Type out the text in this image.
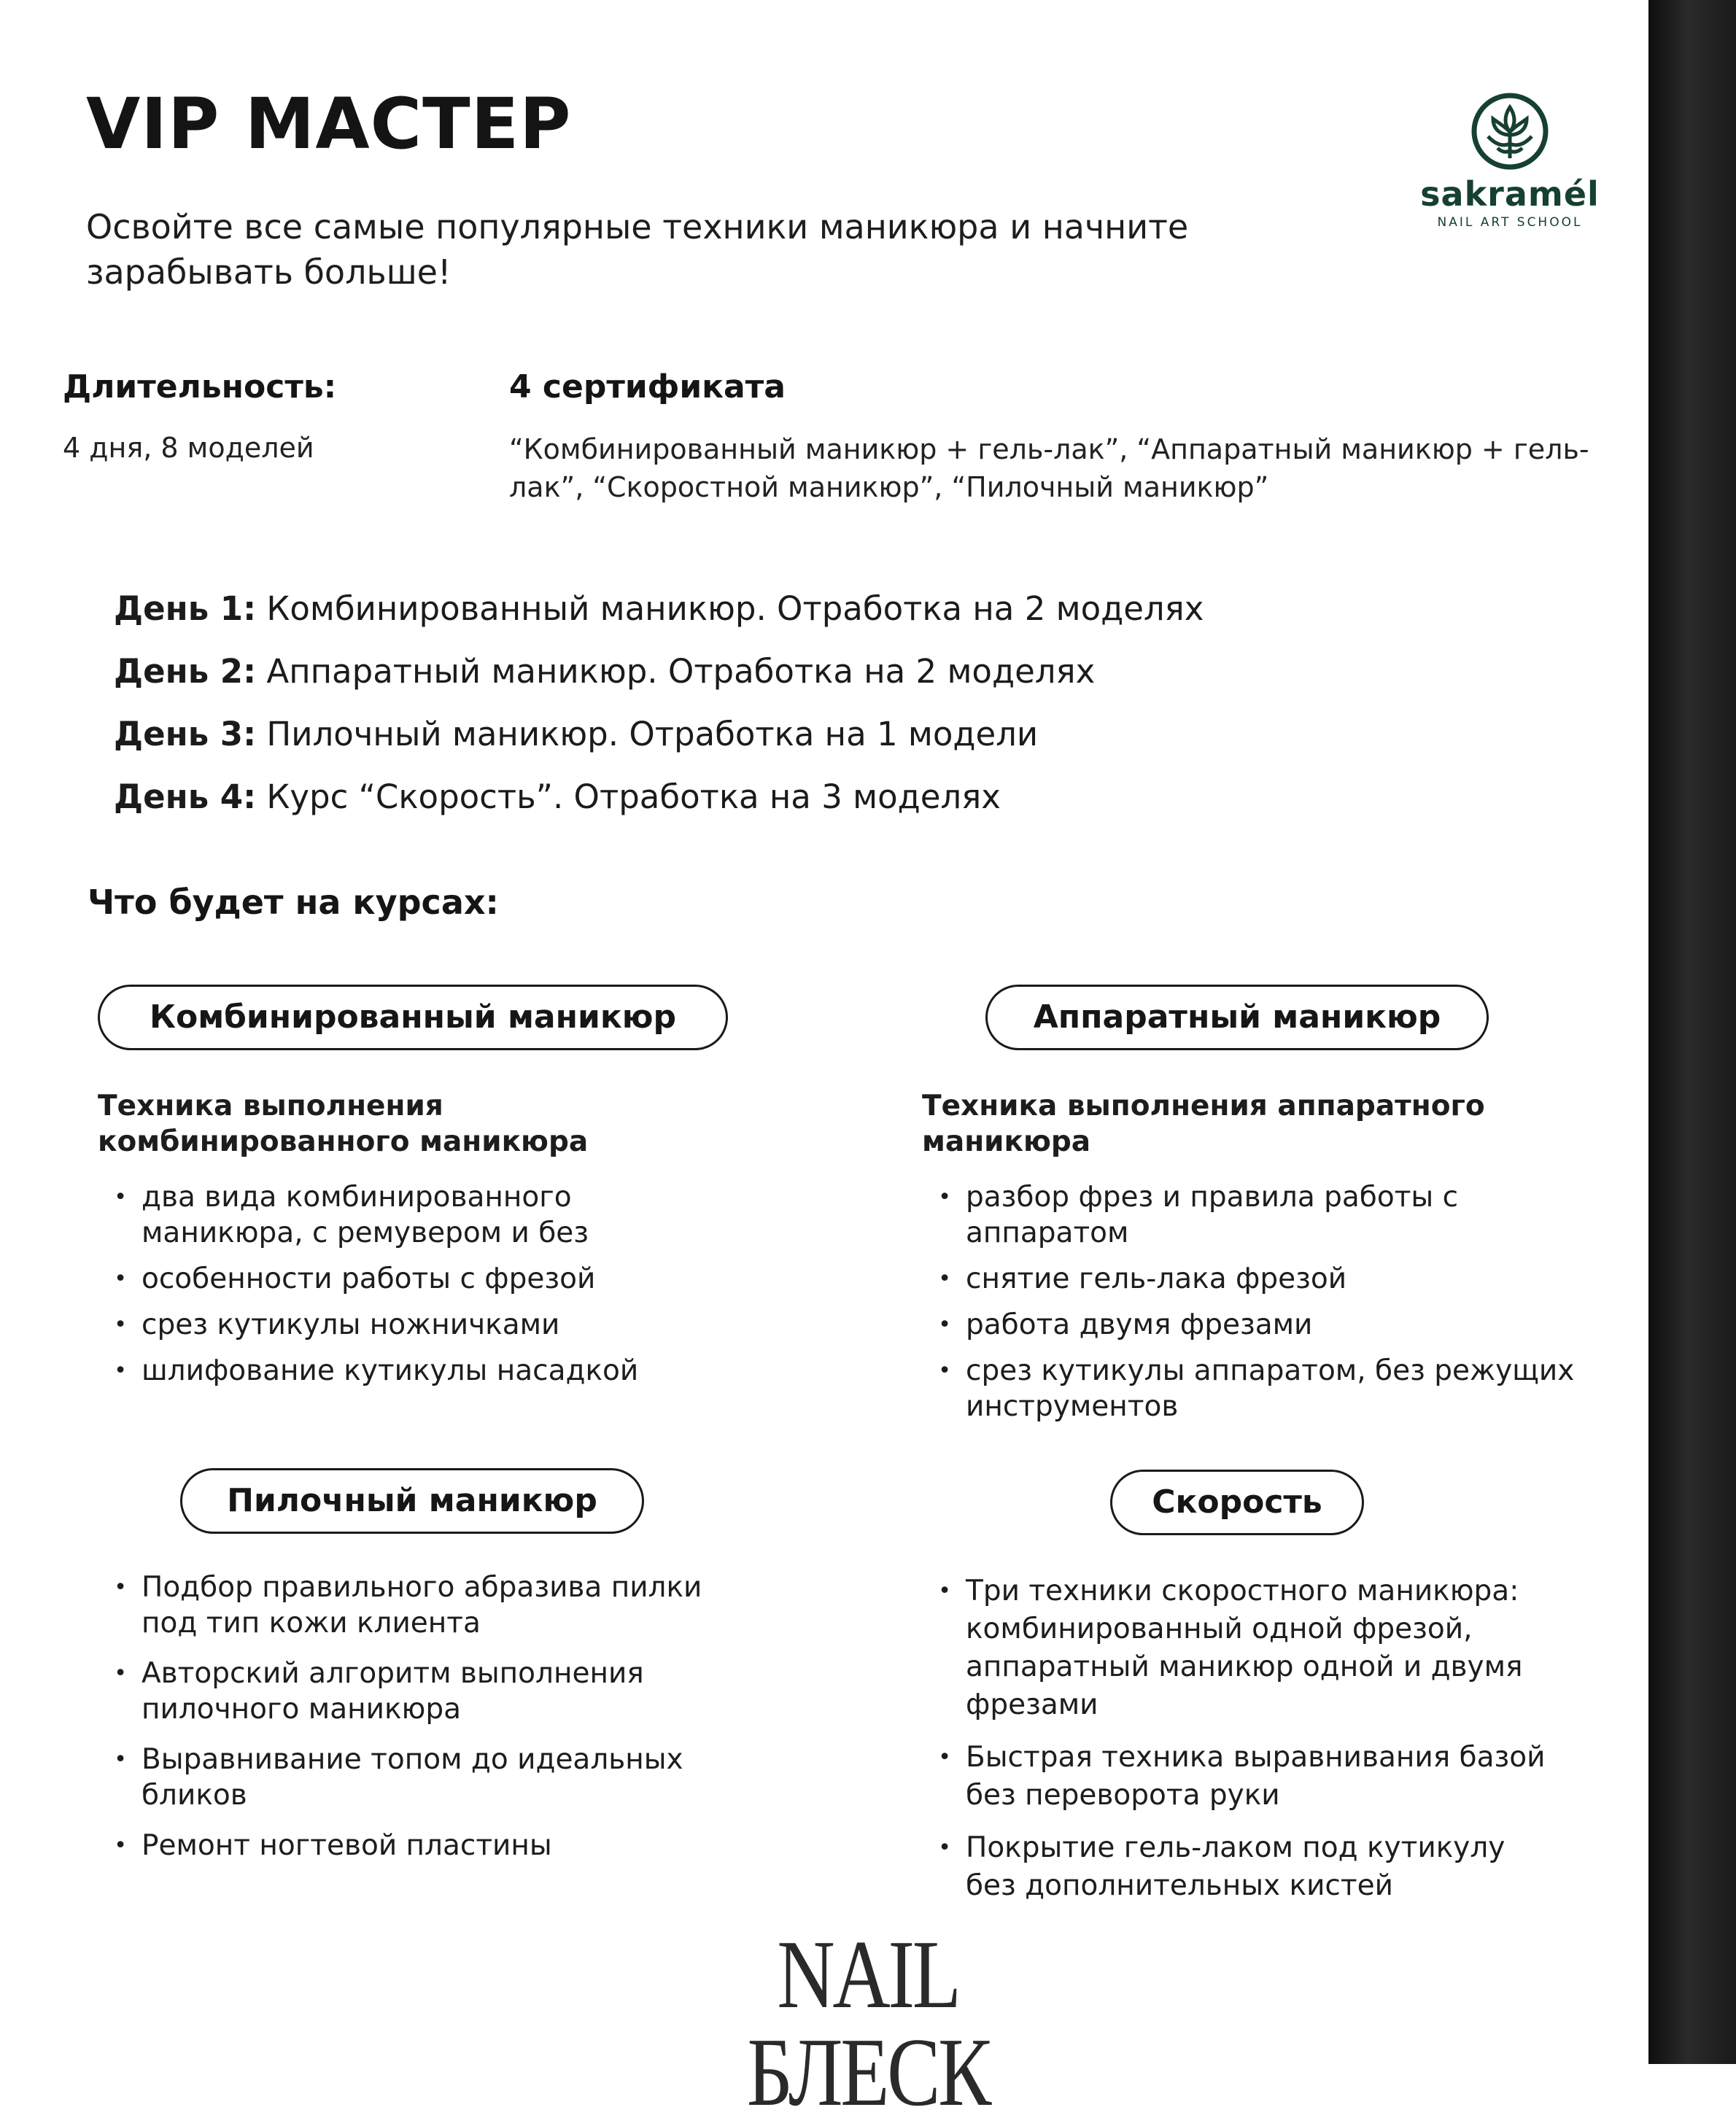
VIP МАСТЕР
Освойте все самые популярные техники маникюра и начните зарабывать больше!
sakramél
NAIL ART SCHOOL
Длительность:
4 дня, 8 моделей
4 сертификата
“Комбинированный маникюр + гель-лак”, “Аппаратный маникюр + гель-лак”, “Скоростной маникюр”, “Пилочный маникюр”
День 1: Комбинированный маникюр. Отработка на 2 моделях
День 2: Аппаратный маникюр. Отработка на 2 моделях
День 3: Пилочный маникюр. Отработка на 1 модели
День 4: Курс “Скорость”. Отработка на 3 моделях
Что будет на курсах:
Комбинированный маникюр
Техника выполнения комбинированного маникюра
• два вида комбинированного маникюра, с ремувером и без
• особенности работы с фрезой
• срез кутикулы ножничками
• шлифование кутикулы насадкой
Аппаратный маникюр
Техника выполнения аппаратного маникюра
• разбор фрез и правила работы с аппаратом
• снятие гель-лака фрезой
• работа двумя фрезами
• срез кутикулы аппаратом, без режущих инструментов
Пилочный маникюр
• Подбор правильного абразива пилки под тип кожи клиента
• Авторский алгоритм выполнения пилочного маникюра
• Выравнивание топом до идеальных бликов
• Ремонт ногтевой пластины
Скорость
• Три техники скоростного маникюра: комбинированный одной фрезой, аппаратный маникюр одной и двумя фрезами
• Быстрая техника выравнивания базой без переворота руки
• Покрытие гель-лаком под кутикулу без дополнительных кистей
NAIL БЛЕСК
